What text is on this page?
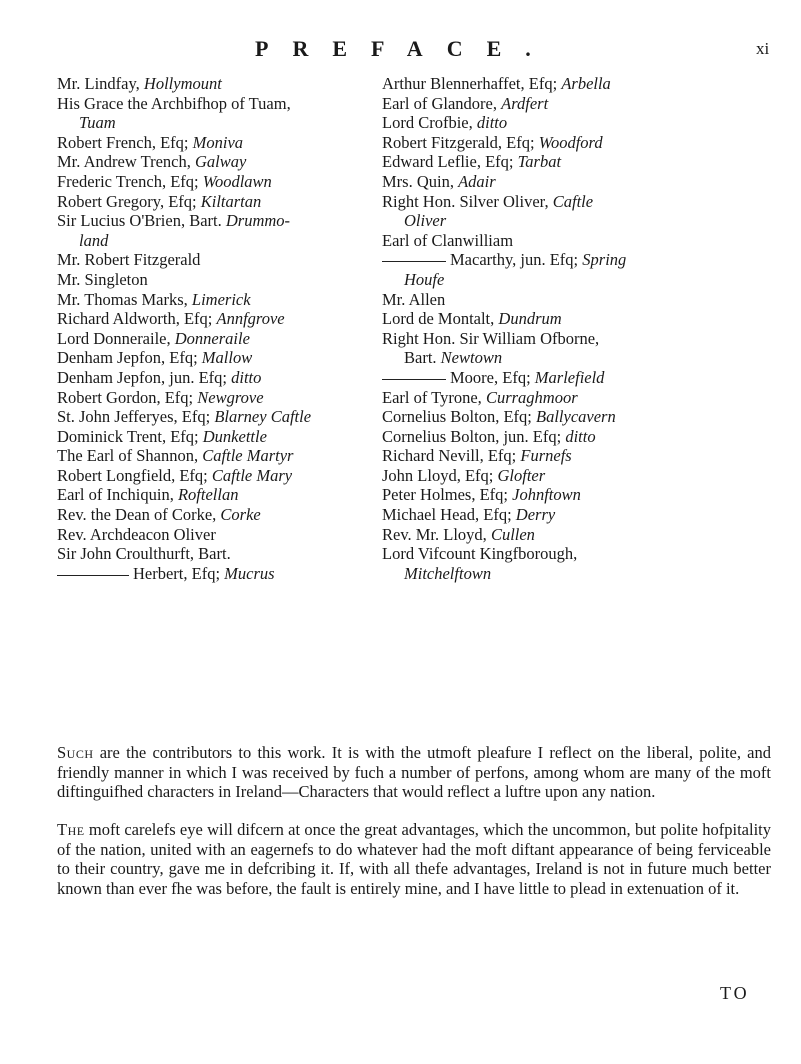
PREFACE.	xi
Mr. Lindfay, Hollymount
His Grace the Archbifhop of Tuam,
Tuam
Robert French, Efq; Moniva
Mr. Andrew Trench, Galway
Frederic Trench, Efq; Woodlawn
Robert Gregory, Efq; Kiltartan
Sir Lucius O'Brien, Bart. Drummo-
land
Mr. Robert Fitzgerald
Mr. Singleton
Mr. Thomas Marks, Limerick
Richard Aldworth, Efq; Annfgrove
Lord Donneraile, Donneraile
Denham Jepfon, Efq; Mallow
Denham Jepfon, jun. Efq; ditto
Robert Gordon, Efq; Newgrove
St. John Jefferyes, Efq; Blarney Caftle
Dominick Trent, Efq; Dunkettle
The Earl of Shannon, Caftle Martyr
Robert Longfield, Efq; Caftle Mary
Earl of Inchiquin, Roftellan
Rev. the Dean of Corke, Corke
Rev. Archdeacon Oliver
Sir John Croulthurft, Bart.
Herbert, Efq; Mucrus
Arthur Blennerhaffet, Efq; Arbella
Earl of Glandore, Ardfert
Lord Crofbie, ditto
Robert Fitzgerald, Efq; Woodford
Edward Leflie, Efq; Tarbat
Mrs. Quin, Adair
Right Hon. Silver Oliver, Caftle
Oliver
Earl of Clanwilliam
Macarthy, jun. Efq; Spring
Houfe
Mr. Allen
Lord de Montalt, Dundrum
Right Hon. Sir William Ofborne,
Bart. Newtown
Moore, Efq; Marlefield
Earl of Tyrone, Curraghmoor
Cornelius Bolton, Efq; Ballycavern
Cornelius Bolton, jun. Efq; ditto
Richard Nevill, Efq; Furnefs
John Lloyd, Efq; Glofter
Peter Holmes, Efq; Johnftown
Michael Head, Efq; Derry
Rev. Mr. Lloyd, Cullen
Lord Vifcount Kingfborough,
Mitchelftown
Such are the contributors to this work. It is with the utmoft pleafure I reflect on the liberal, polite, and friendly manner in which I was received by fuch a number of perfons, among whom are many of the moft diftinguifhed characters in Ireland—Characters that would reflect a luftre upon any nation.
The moft carelefs eye will difcern at once the great advantages, which the uncommon, but polite hofpitality of the nation, united with an eagernefs to do whatever had the moft diftant appearance of being ferviceable to their country, gave me in defcribing it. If, with all thefe advantages, Ireland is not in future much better known than ever fhe was before, the fault is entirely mine, and I have little to plead in extenuation of it.
TO
